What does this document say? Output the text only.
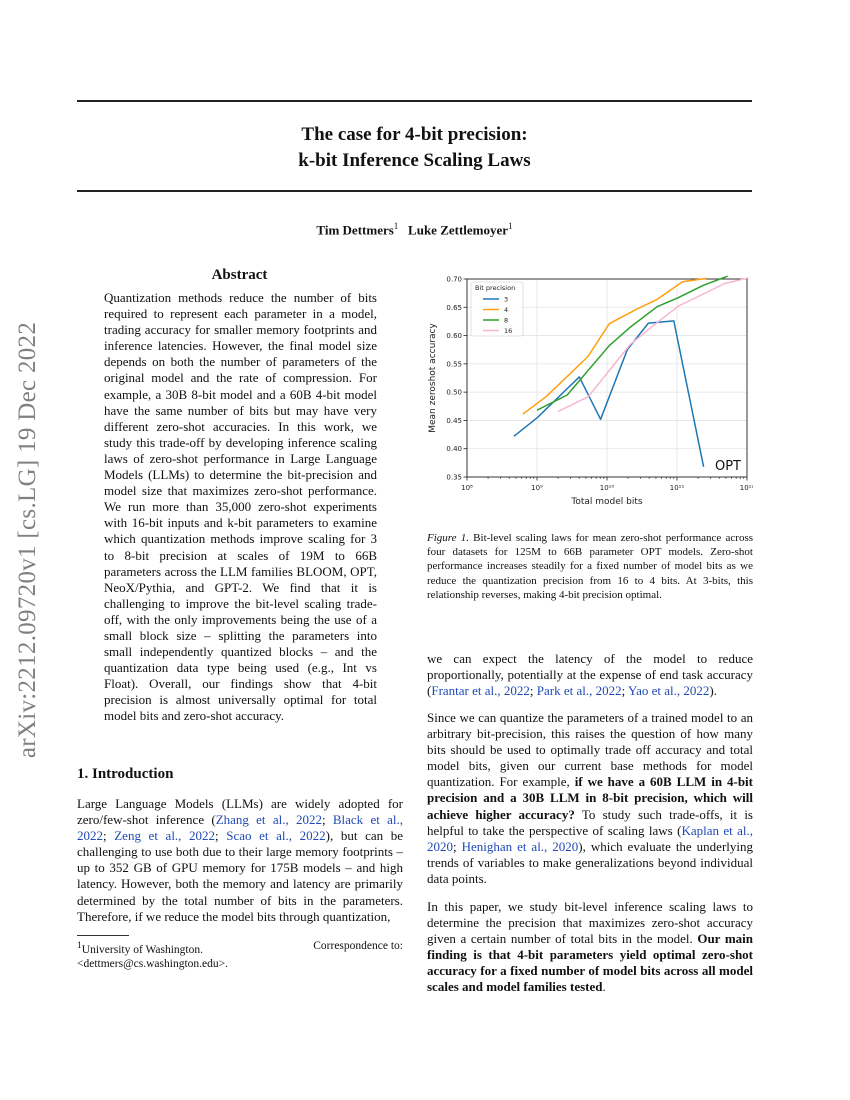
arXiv:2212.09720v1 [cs.LG] 19 Dec 2022
The case for 4-bit precision:
k-bit Inference Scaling Laws
Tim Dettmers$^1$ Luke Zettlemoyer$^1$
Abstract
Quantization methods reduce the number of bits required to represent each parameter in a model, trading accuracy for smaller memory footprints and inference latencies. However, the final model size depends on both the number of parameters of the original model and the rate of compression. For example, a 30B 8-bit model and a 60B 4-bit model have the same number of bits but may have very different zero-shot accuracies. In this work, we study this trade-off by developing inference scaling laws of zero-shot performance in Large Language Models (LLMs) to determine the bit-precision and model size that maximizes zero-shot performance. We run more than 35,000 zero-shot experiments with 16-bit inputs and k-bit parameters to examine which quantization methods improve scaling for 3 to 8-bit precision at scales of 19M to 66B parameters across the LLM families BLOOM, OPT, NeoX/Pythia, and GPT-2. We find that it is challenging to improve the bit-level scaling trade-off, with the only improvements being the use of a small block size – splitting the parameters into small independently quantized blocks – and the quantization data type being used (e.g., Int vs Float). Overall, our findings show that 4-bit precision is almost universally optimal for total model bits and zero-shot accuracy.
1. Introduction
Large Language Models (LLMs) are widely adopted for zero/few-shot inference (Zhang et al., 2022; Black et al., 2022; Zeng et al., 2022; Scao et al., 2022), but can be challenging to use both due to their large memory footprints – up to 352 GB of GPU memory for 175B models – and high latency. However, both the memory and latency are primarily determined by the total number of bits in the parameters. Therefore, if we reduce the model bits through quantization,
$^1$University of Washington.	Correspondence to:
<dettmers@cs.washington.edu>.
10⁸	10⁹	10¹⁰	10¹¹	10¹²
0.35
0.40
0.45
0.50
0.55
0.60
0.65
0.70
Total model bits
Mean zeroshot accuracy
Bit precision
3
4
8
16
OPT
Figure 1. Bit-level scaling laws for mean zero-shot performance across four datasets for 125M to 66B parameter OPT models. Zero-shot performance increases steadily for a fixed number of model bits as we reduce the quantization precision from 16 to 4 bits. At 3-bits, this relationship reverses, making 4-bit precision optimal.
we can expect the latency of the model to reduce proportionally, potentially at the expense of end task accuracy (Frantar et al., 2022; Park et al., 2022; Yao et al., 2022).
Since we can quantize the parameters of a trained model to an arbitrary bit-precision, this raises the question of how many bits should be used to optimally trade off accuracy and total model bits, given our current base methods for model quantization. For example, if we have a 60B LLM in 4-bit precision and a 30B LLM in 8-bit precision, which will achieve higher accuracy? To study such trade-offs, it is helpful to take the perspective of scaling laws (Kaplan et al., 2020; Henighan et al., 2020), which evaluate the underlying trends of variables to make generalizations beyond individual data points.
In this paper, we study bit-level inference scaling laws to determine the precision that maximizes zero-shot accuracy given a certain number of total bits in the model. Our main finding is that 4-bit parameters yield optimal zero-shot accuracy for a fixed number of model bits across all model scales and model families tested.
